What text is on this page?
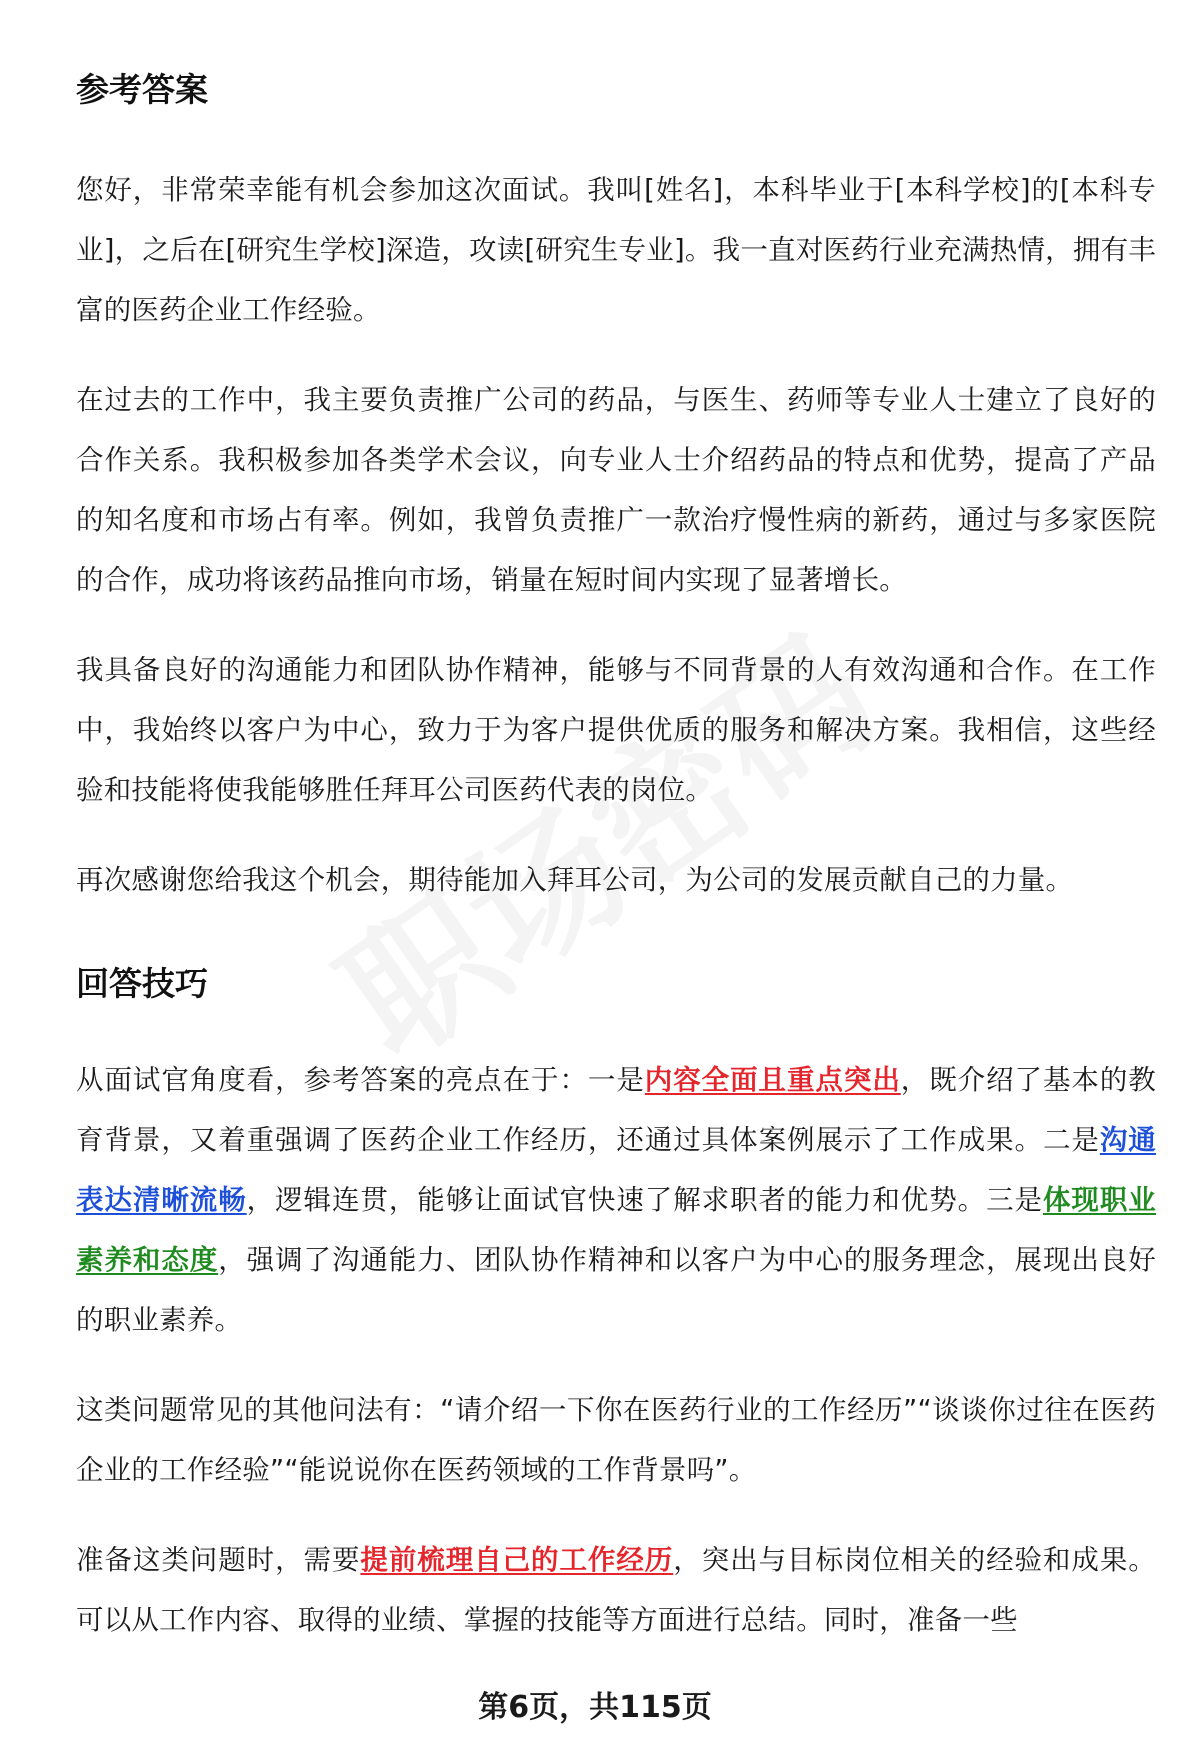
参考答案

您好，非常荣幸能有机会参加这次面试。我叫[姓名]，本科毕业于[本科学校]的[本科专业]，之后在[研究生学校]深造，攻读[研究生专业]。我一直对医药行业充满热情，拥有丰富的医药企业工作经验。

在过去的工作中，我主要负责推广公司的药品，与医生、药师等专业人士建立了良好的合作关系。我积极参加各类学术会议，向专业人士介绍药品的特点和优势，提高了产品的知名度和市场占有率。例如，我曾负责推广一款治疗慢性病的新药，通过与多家医院的合作，成功将该药品推向市场，销量在短时间内实现了显著增长。

我具备良好的沟通能力和团队协作精神，能够与不同背景的人有效沟通和合作。在工作中，我始终以客户为中心，致力于为客户提供优质的服务和解决方案。我相信，这些经验和技能将使我能够胜任拜耳公司医药代表的岗位。

再次感谢您给我这个机会，期待能加入拜耳公司，为公司的发展贡献自己的力量。

回答技巧

从面试官角度看，参考答案的亮点在于：一是内容全面且重点突出，既介绍了基本的教育背景，又着重强调了医药企业工作经历，还通过具体案例展示了工作成果。二是沟通表达清晰流畅，逻辑连贯，能够让面试官快速了解求职者的能力和优势。三是体现职业素养和态度，强调了沟通能力、团队协作精神和以客户为中心的服务理念，展现出良好的职业素养。

这类问题常见的其他问法有：“请介绍一下你在医药行业的工作经历”“谈谈你过往在医药企业的工作经验”“能说说你在医药领域的工作背景吗”。

准备这类问题时，需要提前梳理自己的工作经历，突出与目标岗位相关的经验和成果。可以从工作内容、取得的业绩、掌握的技能等方面进行总结。同时，准备一些

第6页，共115页
